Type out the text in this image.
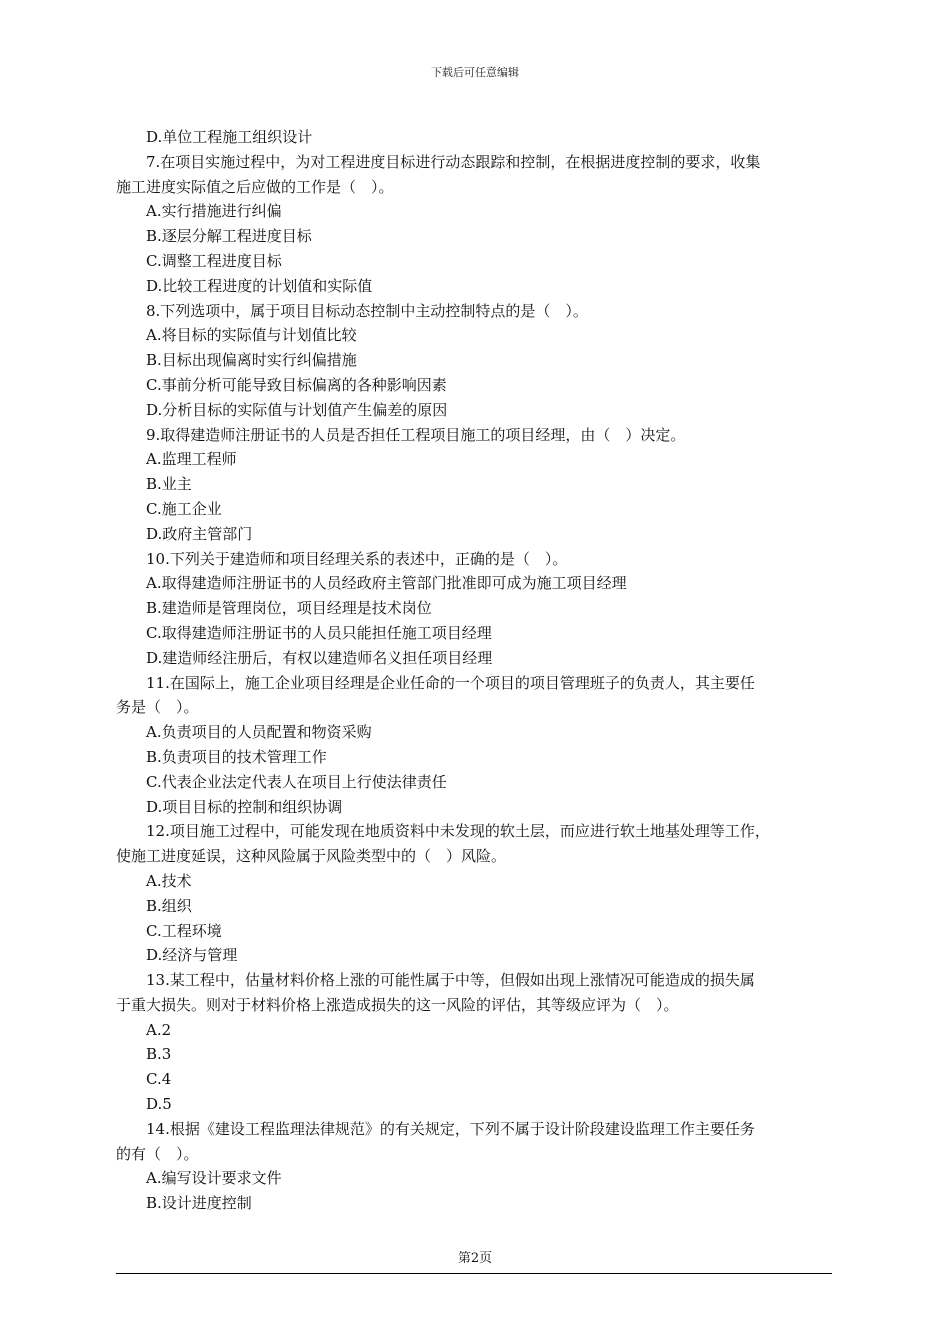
下载后可任意编辑
D.单位工程施工组织设计
7.在项目实施过程中，为对工程进度目标进行动态跟踪和控制，在根据进度控制的要求，收集
施工进度实际值之后应做的工作是（　）。
A.实行措施进行纠偏
B.逐层分解工程进度目标
C.调整工程进度目标
D.比较工程进度的计划值和实际值
8.下列选项中，属于项目目标动态控制中主动控制特点的是（　）。
A.将目标的实际值与计划值比较
B.目标出现偏离时实行纠偏措施
C.事前分析可能导致目标偏离的各种影响因素
D.分析目标的实际值与计划值产生偏差的原因
9.取得建造师注册证书的人员是否担任工程项目施工的项目经理，由（　）决定。
A.监理工程师
B.业主
C.施工企业
D.政府主管部门
10.下列关于建造师和项目经理关系的表述中，正确的是（　）。
A.取得建造师注册证书的人员经政府主管部门批准即可成为施工项目经理
B.建造师是管理岗位，项目经理是技术岗位
C.取得建造师注册证书的人员只能担任施工项目经理
D.建造师经注册后，有权以建造师名义担任项目经理
11.在国际上，施工企业项目经理是企业任命的一个项目的项目管理班子的负责人，其主要任
务是（　）。
A.负责项目的人员配置和物资采购
B.负责项目的技术管理工作
C.代表企业法定代表人在项目上行使法律责任
D.项目目标的控制和组织协调
12.项目施工过程中，可能发现在地质资料中未发现的软土层，而应进行软土地基处理等工作，
使施工进度延误，这种风险属于风险类型中的（　）风险。
A.技术
B.组织
C.工程环境
D.经济与管理
13.某工程中，估量材料价格上涨的可能性属于中等，但假如出现上涨情况可能造成的损失属
于重大损失。则对于材料价格上涨造成损失的这一风险的评估，其等级应评为（　）。
A.2
B.3
C.4
D.5
14.根据《建设工程监理法律规范》的有关规定，下列不属于设计阶段建设监理工作主要任务
的有（　）。
A.编写设计要求文件
B.设计进度控制
第2页
